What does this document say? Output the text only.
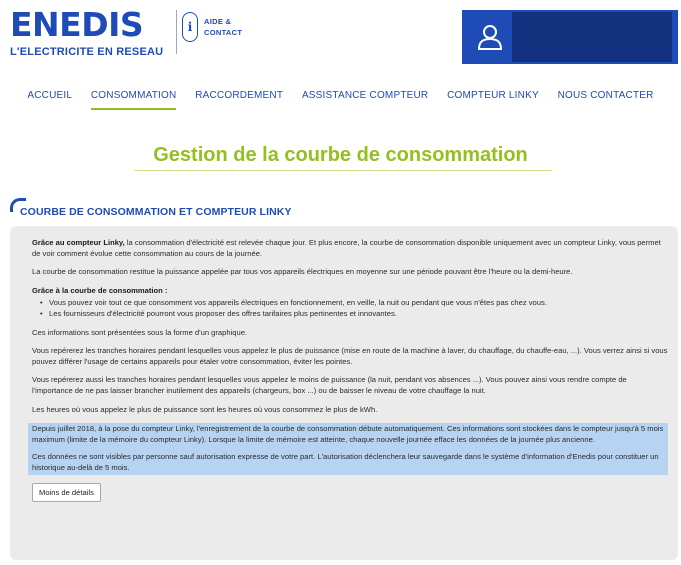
ENEDIS
L'ELECTRICITE EN RESEAU
i AIDE &
CONTACT
ACCUEIL CONSOMMATION RACCORDEMENT ASSISTANCE COMPTEUR COMPTEUR LINKY NOUS CONTACTER
Gestion de la courbe de consommation
COURBE DE CONSOMMATION ET COMPTEUR LINKY

Grâce au compteur Linky, la consommation d'électricité est relevée chaque jour. Et plus encore, la courbe de consommation disponible uniquement avec un compteur Linky, vous permet de voir comment évolue cette consommation au cours de la journée.

La courbe de consommation restitue la puissance appelée par tous vos appareils électriques en moyenne sur une période pouvant être l'heure ou la demi-heure.

Grâce à la courbe de consommation :

• Vous pouvez voir tout ce que consomment vos appareils électriques en fonctionnement, en veille, la nuit ou pendant que vous n'êtes pas chez vous.
• Les fournisseurs d'électricité pourront vous proposer des offres tarifaires plus pertinentes et innovantes.

Ces informations sont présentées sous la forme d'un graphique.

Vous repérerez les tranches horaires pendant lesquelles vous appelez le plus de puissance (mise en route de la machine à laver, du chauffage, du chauffe-eau, ...). Vous verrez ainsi si vous pouvez différer l'usage de certains appareils pour étaler votre consommation, éviter les pointes.

Vous repérerez aussi les tranches horaires pendant lesquelles vous appelez le moins de puissance (la nuit, pendant vos absences ...). Vous pouvez ainsi vous rendre compte de l'importance de ne pas laisser brancher inutilement des appareils (chargeurs, box ...) ou de baisser le niveau de votre chauffage la nuit.

Les heures où vous appelez le plus de puissance sont les heures où vous consommez le plus de kWh.

Depuis juillet 2018, à la pose du compteur Linky, l'enregistrement de la courbe de consommation débute automatiquement. Ces informations sont stockées dans le compteur jusqu'à 5 mois maximum (limite de la mémoire du compteur Linky). Lorsque la limite de mémoire est atteinte, chaque nouvelle journée efface les données de la journée plus ancienne.

Ces données ne sont visibles par personne sauf autorisation expresse de votre part. L'autorisation déclenchera leur sauvegarde dans le système d'information d'Enedis pour constituer un historique au-delà de 5 mois.

Moins de détails
